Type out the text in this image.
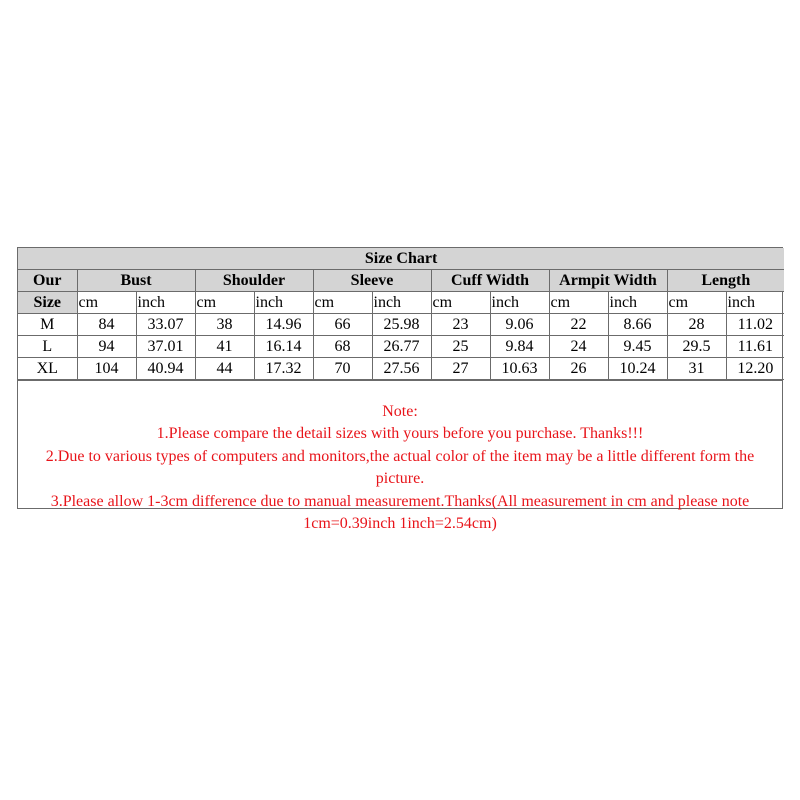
Size Chart												
Our	Bust		Shoulder		Sleeve		Cuff Width		Armpit Width		Length	
Size	cm	inch	cm	inch	cm	inch	cm	inch	cm	inch	cm	inch
M	84	33.07	38	14.96	66	25.98	23	9.06	22	8.66	28	11.02
L	94	37.01	41	16.14	68	26.77	25	9.84	24	9.45	29.5	11.61
XL	104	40.94	44	17.32	70	27.56	27	10.63	26	10.24	31	12.20
Note:
1.Please compare the detail sizes with yours before you purchase. Thanks!!!
2.Due to various types of computers and monitors,the actual color of the item may be a little different form the picture.
3.Please allow 1-3cm difference due to manual measurement.Thanks(All measurement in cm and please note 1cm=0.39inch 1inch=2.54cm)
